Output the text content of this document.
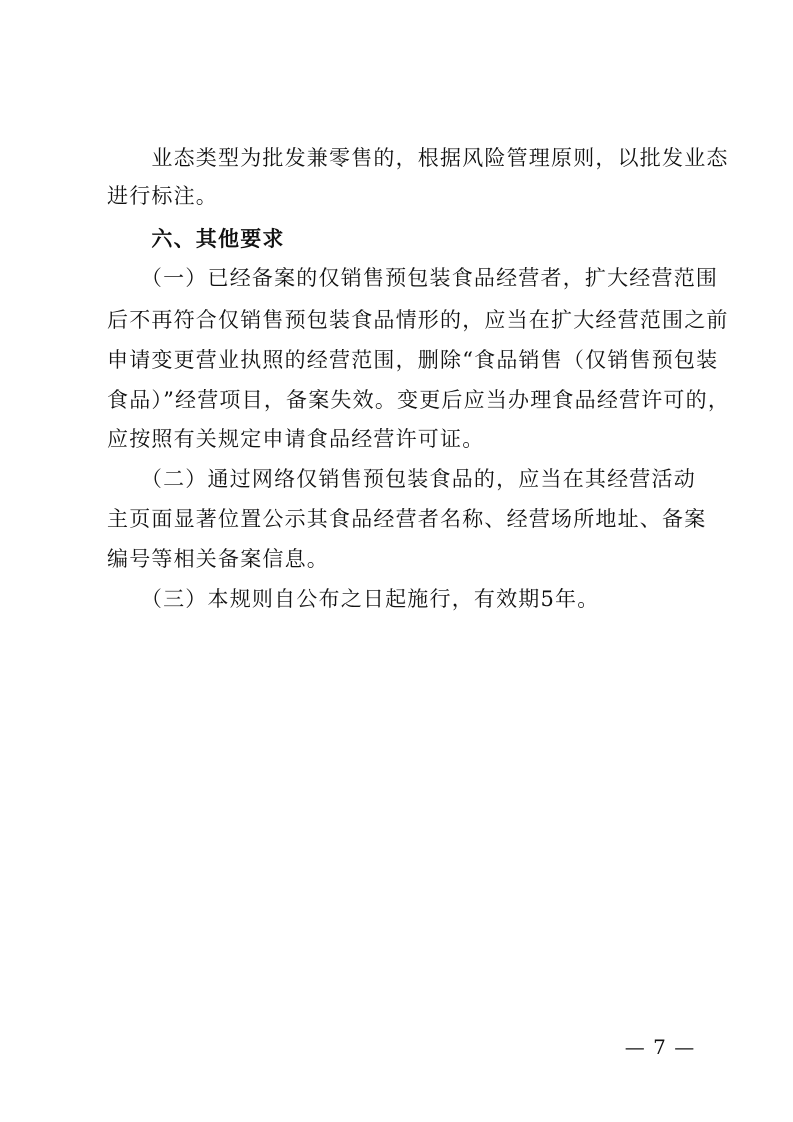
　　业态类型为批发兼零售的，根据风险管理原则，以批发业态
进行标注。
　　六、其他要求
　　（一）已经备案的仅销售预包装食品经营者，扩大经营范围
后不再符合仅销售预包装食品情形的，应当在扩大经营范围之前
申请变更营业执照的经营范围，删除“食品销售（仅销售预包装
食品）”经营项目，备案失效。变更后应当办理食品经营许可的，
应按照有关规定申请食品经营许可证。
　　（二）通过网络仅销售预包装食品的，应当在其经营活动
主页面显著位置公示其食品经营者名称、经营场所地址、备案
编号等相关备案信息。
　　（三）本规则自公布之日起施行，有效期5年。
— 7 —
